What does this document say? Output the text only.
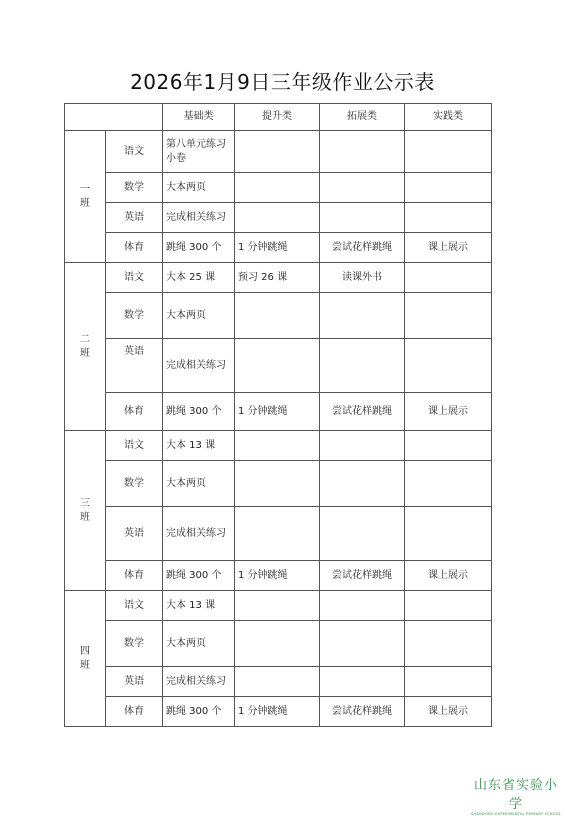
2026年1月9日三年级作业公示表
		基础类	提升类	拓展类	实践类

一
班	语文	第八单元练习小卷			
	数学	大本两页			
	英语	完成相关练习			
	体育	跳绳 300 个	1 分钟跳绳	尝试花样跳绳	课上展示

二
班	语文	大本 25 课	预习 26 课	读课外书	
	数学	大本两页			
	英语	完成相关练习			
	体育	跳绳 300 个	1 分钟跳绳	尝试花样跳绳	课上展示

三
班	语文	大本 13 课			
	数学	大本两页			
	英语	完成相关练习			
	体育	跳绳 300 个	1 分钟跳绳	尝试花样跳绳	课上展示

四
班	语文	大本 13 课			
	数学	大本两页			
	英语	完成相关练习			
	体育	跳绳 300 个	1 分钟跳绳	尝试花样跳绳	课上展示
山东省实验小学
SHANDONG EXPERIMENTAL PRIMARY SCHOOL
